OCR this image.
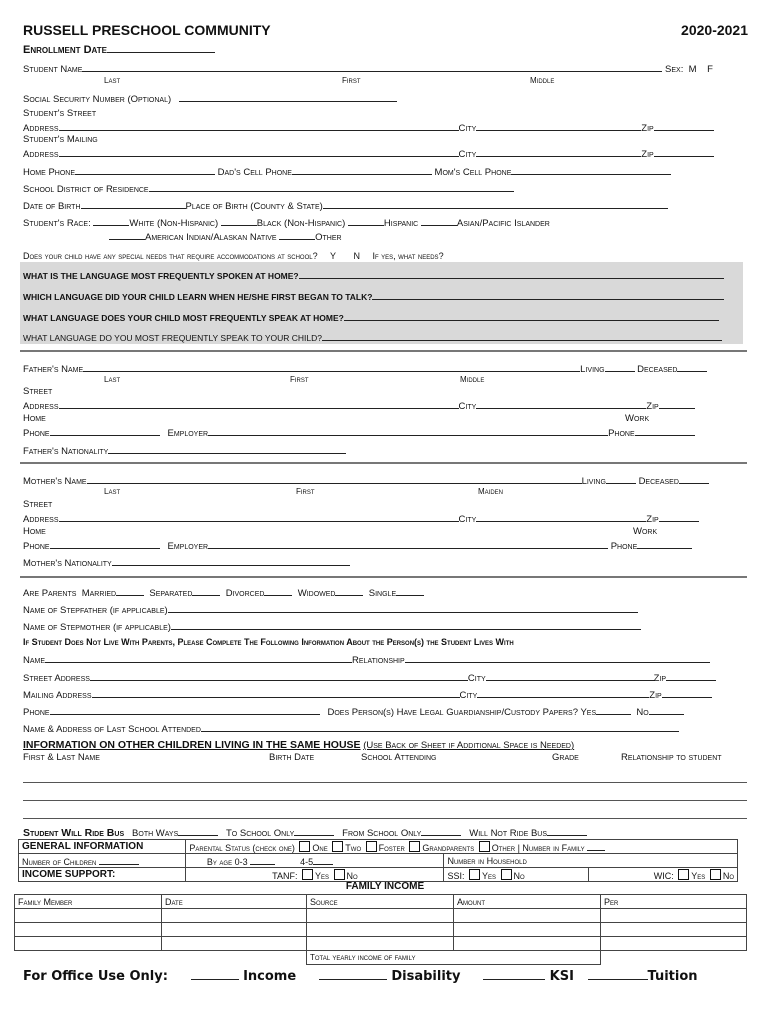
RUSSELL PRESCHOOL COMMUNITY	2020-2021
Enrollment Date
Student Name	Sex: M F
Last	First	Middle
Social Security Number (Optional)
Student's Street
Address	City	Zip
Student's Mailing
Address	City	Zip
Home Phone	Dad's Cell Phone	Mom's Cell Phone
School District of Residence
Date of Birth	Place of Birth (County & State)
Student's Race:	White (Non-Hispanic)	Black (Non-Hispanic)	Hispanic	Asian/Pacific Islander
American Indian/Alaskan Native	Other
Does your child have any special needs that require accommodations at school? Y N If yes, what needs?
WHAT IS THE LANGUAGE MOST FREQUENTLY SPOKEN AT HOME?
WHICH LANGUAGE DID YOUR CHILD LEARN WHEN HE/SHE FIRST BEGAN TO TALK?
WHAT LANGUAGE DOES YOUR CHILD MOST FREQUENTLY SPEAK AT HOME?
WHAT LANGUAGE DO YOU MOST FREQUENTLY SPEAK TO YOUR CHILD?
Father's Name	Living	Deceased
Last	First	Middle
Street
Address	City	Zip
Home	Work
Phone	Employer	Phone
Father's Nationality
Mother's Name	Living	Deceased
Last	First	Maiden
Street
Address	City	Zip
Home	Work
Phone	Employer	Phone
Mother's Nationality
Are Parents Married	Separated	Divorced	Widowed	Single
Name of Stepfather (if applicable)
Name of Stepmother (if applicable)
If Student Does Not Live With Parents, Please Complete The Following Information About the Person(s) the Student Lives With
Name	Relationship
Street Address	City	Zip
Mailing Address	City	Zip
Phone	Does Person(s) Have Legal Guardianship/Custody Papers? Yes	No
Name & Address of Last School Attended
INFORMATION ON OTHER CHILDREN LIVING IN THE SAME HOUSE (Use Back of Sheet if Additional Space is Needed)
First & Last Name	Birth Date	School Attending	Grade	Relationship to student
Student Will Ride Bus Both Ways	To School Only	From School Only	Will Not Ride Bus
GENERAL INFORMATION	Parental Status (check one) One Two Foster Grandparents Other | Number in Family		
Number of Children	By age 0-3 4-5	Number in Household	
INCOME SUPPORT:	TANF: Yes No	SSI: Yes No	WIC: Yes No
FAMILY INCOME
Family Member	Date	Source	Amount	Per

		Total yearly income of family		
For Office Use Only:	Income	Disability	KSI	Tuition
